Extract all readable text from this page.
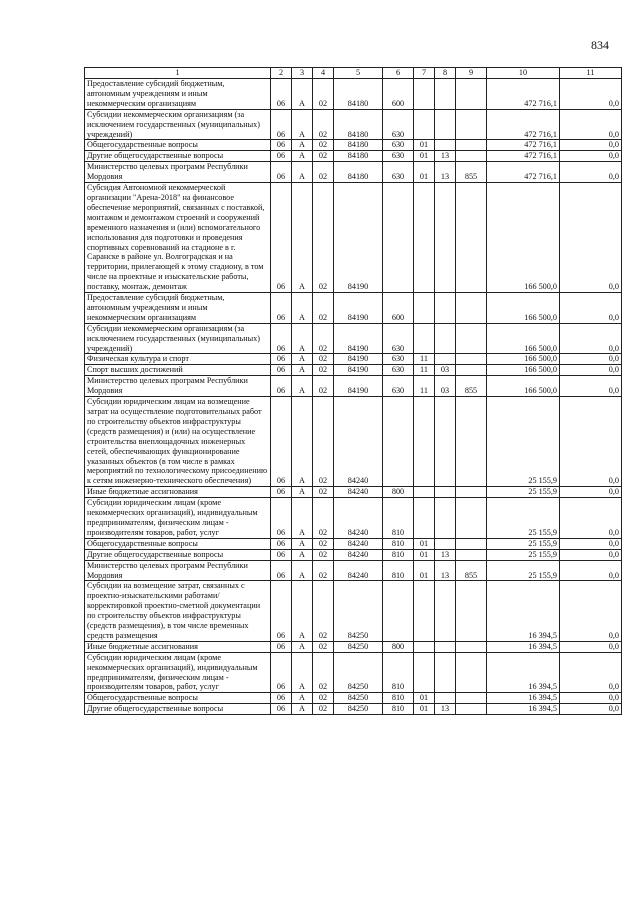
834
1	2	3	4	5	6	7	8	9	10	11
Предоставление субсидий бюджетным, автономным учреждениям и иным некоммерческим организациям	06	А	02	84180	600				472 716,1	0,0
Субсидии некоммерческим организациям (за исключением государственных (муниципальных) учреждений)	06	А	02	84180	630				472 716,1	0,0
Общегосударственные вопросы	06	А	02	84180	630	01			472 716,1	0,0
Другие общегосударственные вопросы	06	А	02	84180	630	01	13		472 716,1	0,0
Министерство целевых программ Республики Мордовия	06	А	02	84180	630	01	13	855	472 716,1	0,0
Субсидия Автономной некоммерческой организации "Арена-2018" на финансовое обеспечение мероприятий, связанных с поставкой, монтажом и демонтажом строений и сооружений временного назначения и (или) вспомогательного использования для подготовки и проведения спортивных соревнований на стадионе в г. Саранске в районе ул. Волгоградская и на территории, прилегающей к этому стадиону, в том числе на проектные и изыскательские работы, поставку, монтаж, демонтаж	06	А	02	84190					166 500,0	0,0
Предоставление субсидий бюджетным, автономным учреждениям и иным некоммерческим организациям	06	А	02	84190	600				166 500,0	0,0
Субсидии некоммерческим организациям (за исключением государственных (муниципальных) учреждений)	06	А	02	84190	630				166 500,0	0,0
Физическая культура и спорт	06	А	02	84190	630	11			166 500,0	0,0
Спорт высших достижений	06	А	02	84190	630	11	03		166 500,0	0,0
Министерство целевых программ Республики Мордовия	06	А	02	84190	630	11	03	855	166 500,0	0,0
Субсидии юридическим лицам на возмещение затрат на осуществление подготовительных работ по строительству объектов инфраструктуры (средств размещения) и (или) на осуществление строительства внеплощадочных инженерных сетей, обеспечивающих функционирование указанных объектов (в том числе в рамках мероприятий по технологическому присоединению к сетям инженерно-технического обеспечения)	06	А	02	84240					25 155,9	0,0
Иные бюджетные ассигнования	06	А	02	84240	800				25 155,9	0,0
Субсидии юридическим лицам (кроме некоммерческих организаций), индивидуальным предпринимателям, физическим лицам - производителям товаров, работ, услуг	06	А	02	84240	810				25 155,9	0,0
Общегосударственные вопросы	06	А	02	84240	810	01			25 155,9	0,0
Другие общегосударственные вопросы	06	А	02	84240	810	01	13		25 155,9	0,0
Министерство целевых программ Республики Мордовия	06	А	02	84240	810	01	13	855	25 155,9	0,0
Субсидии на возмещение затрат, связанных с проектно-изыскательскими работами/корректировкой проектно-сметной документации по строительству объектов инфраструктуры (средств размещения), в том числе временных средств размещения	06	А	02	84250					16 394,5	0,0
Иные бюджетные ассигнования	06	А	02	84250	800				16 394,5	0,0
Субсидии юридическим лицам (кроме некоммерческих организаций), индивидуальным предпринимателям, физическим лицам - производителям товаров, работ, услуг	06	А	02	84250	810				16 394,5	0,0
Общегосударственные вопросы	06	А	02	84250	810	01			16 394,5	0,0
Другие общегосударственные вопросы	06	А	02	84250	810	01	13		16 394,5	0,0
